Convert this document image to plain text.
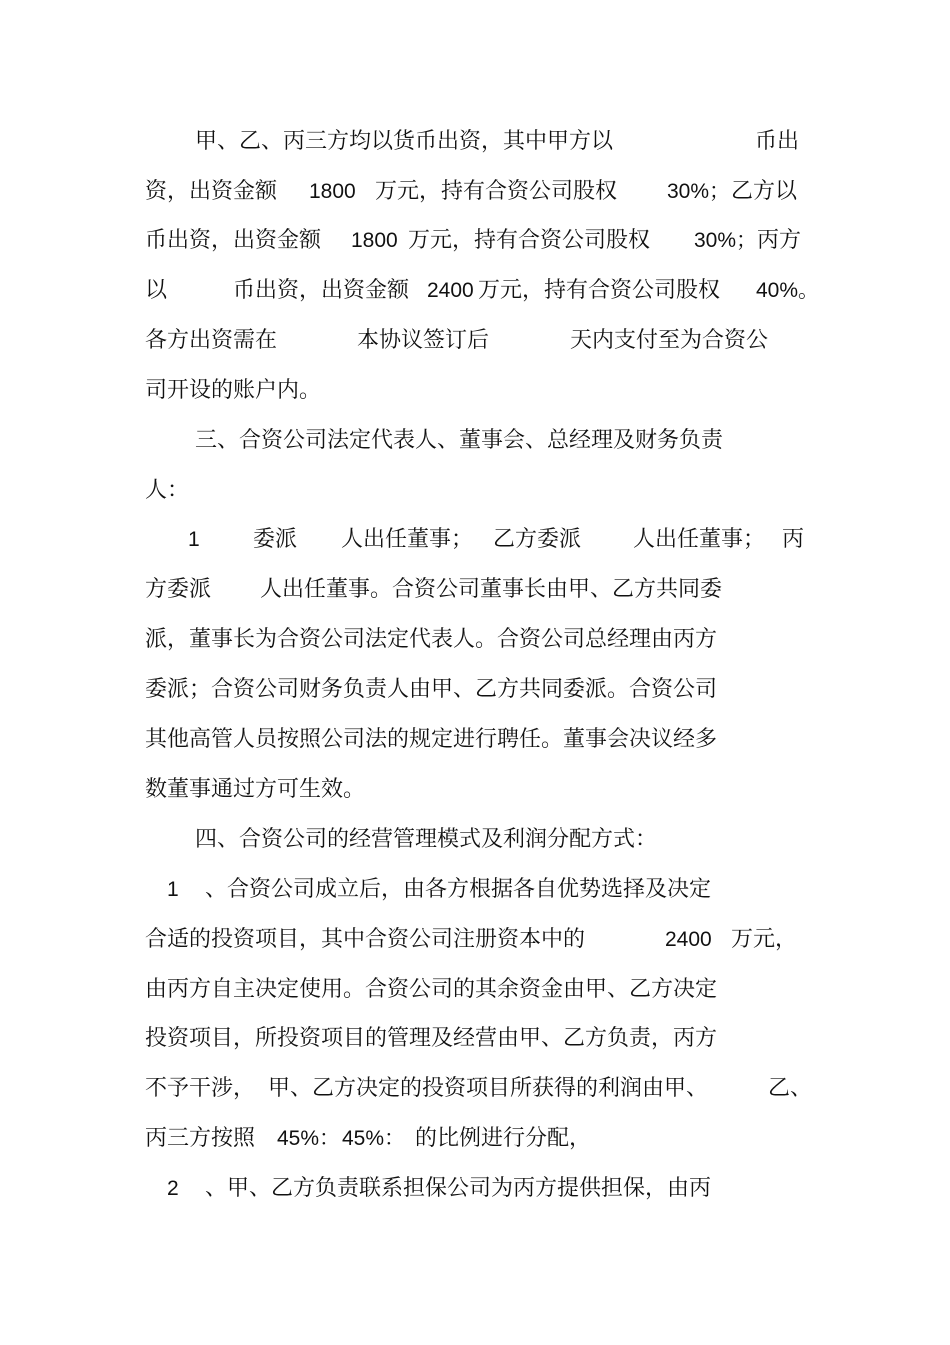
甲、乙、丙三方均以货币出资，其中甲方以	币出
资，出资金额 1800 万元，持有合资公司股权 30%； 乙方以
币出资，出资金额 1800 万元，持有合资公司股权 30%； 丙方
以	币出资，出资金额 2400 万元，持有合资公司股权 40%。
各方出资需在	本协议签订后	天内支付至为合资公
司开设的账户内。
三、合资公司法定代表人、董事会、总经理及财务负责
人：
1 委派 人出任董事； 乙方委派 人出任董事； 丙
方委派 人出任董事。合资公司董事长由甲、乙方共同委
派，董事长为合资公司法定代表人。合资公司总经理由丙方
委派；合资公司财务负责人由甲、乙方共同委派。合资公司
其他高管人员按照公司法的规定进行聘任。董事会决议经多
数董事通过方可生效。
四、合资公司的经营管理模式及利润分配方式：
1 、合资公司成立后，由各方根据各自优势选择及决定
合适的投资项目，其中合资公司注册资本中的	2400 万元，
由丙方自主决定使用。合资公司的其余资金由甲、乙方决定
投资项目，所投资项目的管理及经营由甲、乙方负责，丙方
不予干涉， 甲、乙方决定的投资项目所获得的利润由甲、	乙、
丙三方按照 45%： 45%： 的比例进行分配，
2 、甲、乙方负责联系担保公司为丙方提供担保，由丙
